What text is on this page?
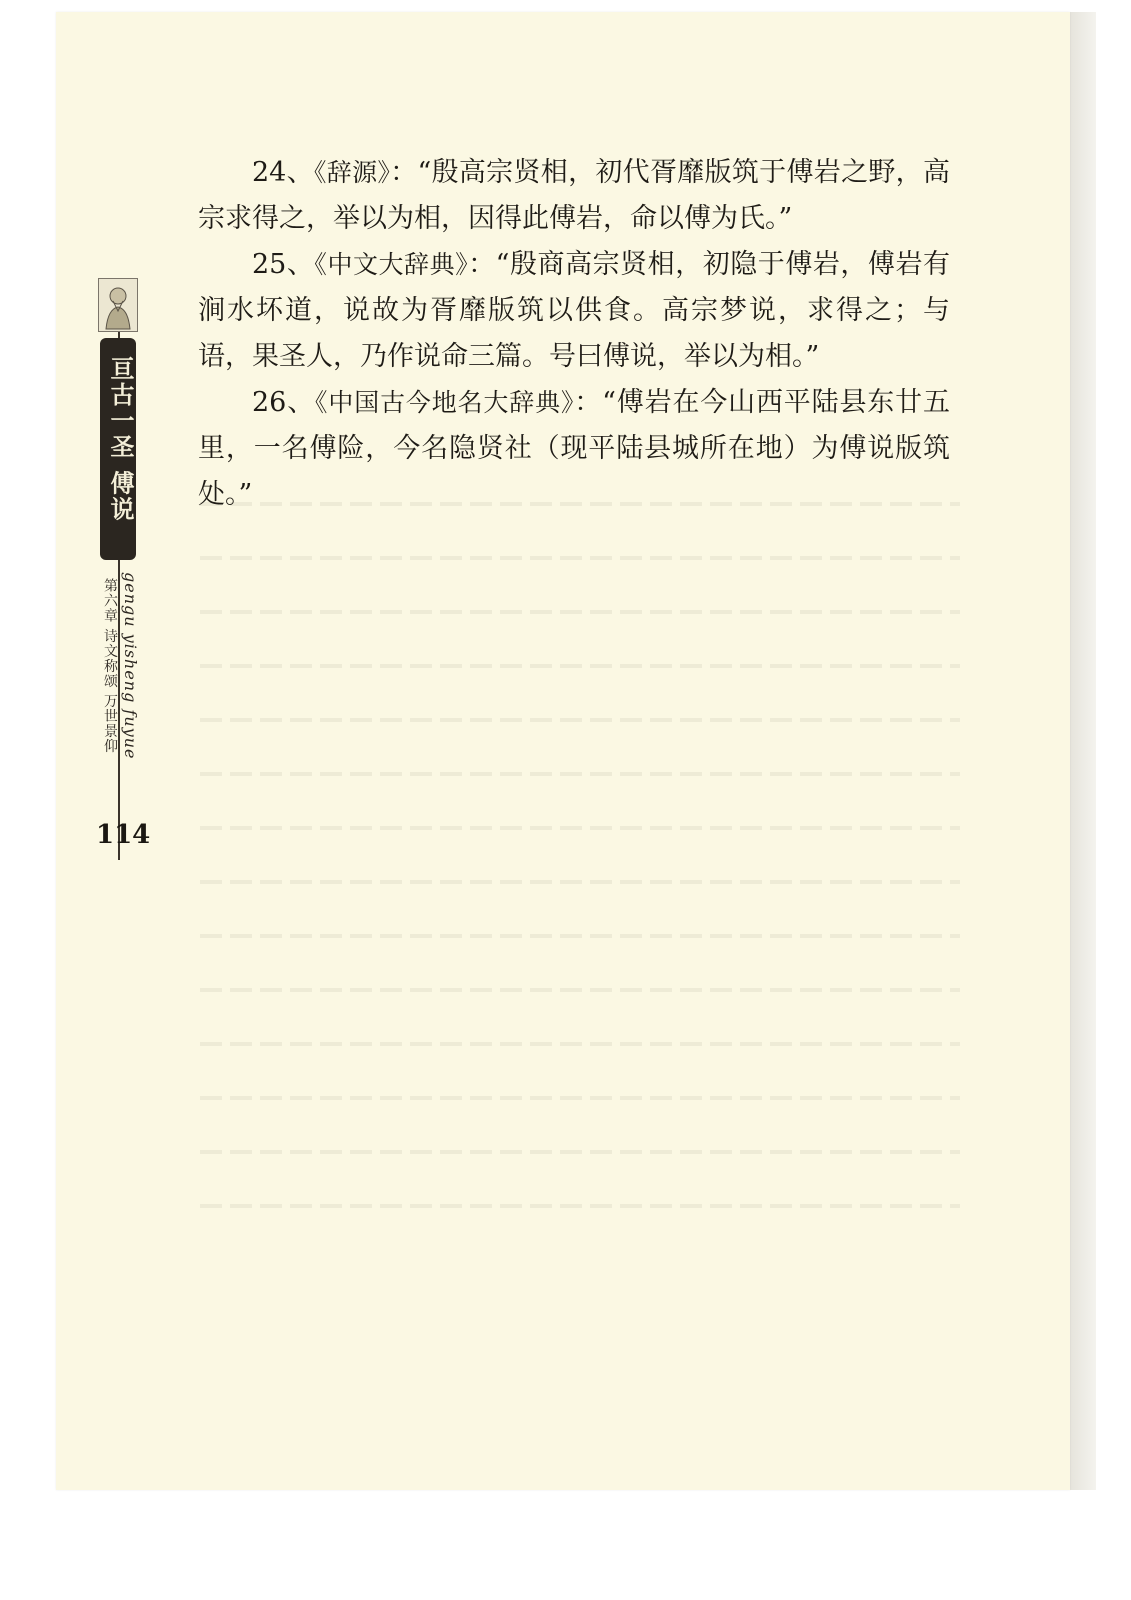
亘古一圣 傅说
第六章 诗文称颂 万世景仰 gengu yisheng fuyue
114

24、《辞源》：“殷高宗贤相，初代胥靡版筑于傅岩之野，高宗求得之，举以为相，因得此傅岩，命以傅为氏。”

25、《中文大辞典》：“殷商高宗贤相，初隐于傅岩，傅岩有涧水坏道，说故为胥靡版筑以供食。高宗梦说，求得之；与语，果圣人，乃作说命三篇。号曰傅说，举以为相。”

26、《中国古今地名大辞典》：“傅岩在今山西平陆县东廿五里，一名傅险，今名隐贤社（现平陆县城所在地）为傅说版筑处。”
